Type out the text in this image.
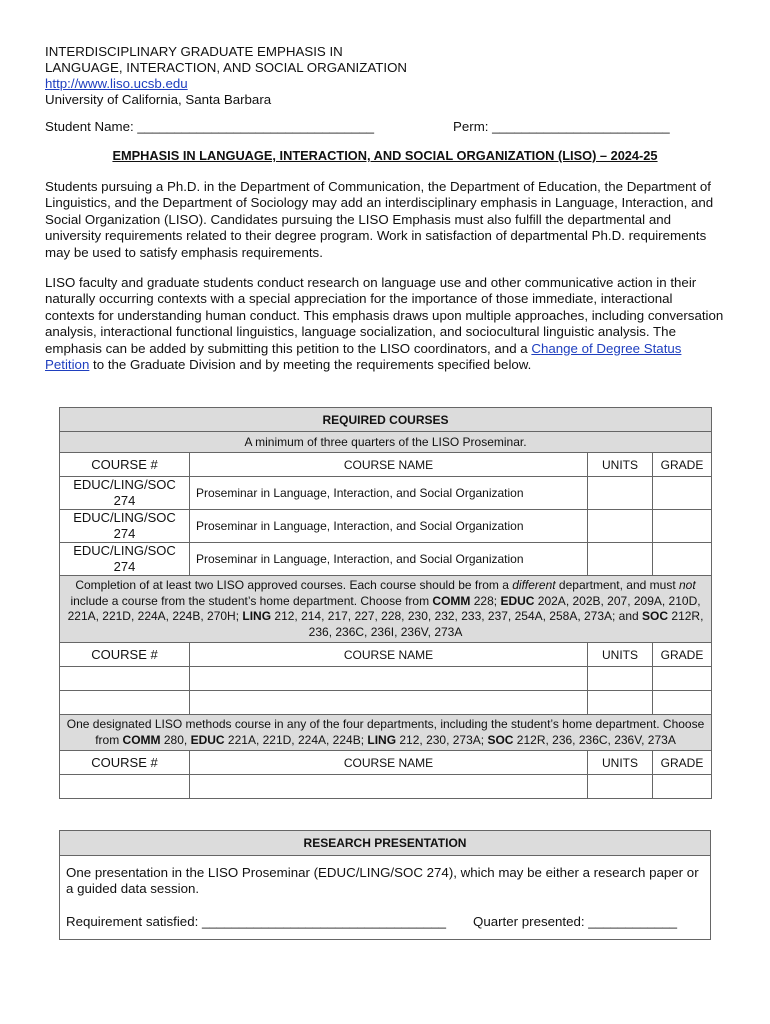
INTERDISCIPLINARY GRADUATE EMPHASIS IN

LANGUAGE, INTERACTION, AND SOCIAL ORGANIZATION

http://www.liso.ucsb.edu

University of California, Santa Barbara

Student Name: ________________________________	Perm: ________________________
EMPHASIS IN LANGUAGE, INTERACTION, AND SOCIAL ORGANIZATION (LISO) – 2024-25

Students pursuing a Ph.D. in the Department of Communication, the Department of Education, the Department of Linguistics, and the Department of Sociology may add an interdisciplinary emphasis in Language, Interaction, and Social Organization (LISO). Candidates pursuing the LISO Emphasis must also fulfill the departmental and university requirements related to their degree program. Work in satisfaction of departmental Ph.D. requirements may be used to satisfy emphasis requirements.

LISO faculty and graduate students conduct research on language use and other communicative action in their naturally occurring contexts with a special appreciation for the importance of those immediate, interactional contexts for understanding human conduct. This emphasis draws upon multiple approaches, including conversation analysis, interactional functional linguistics, language socialization, and sociocultural linguistic analysis. The emphasis can be added by submitting this petition to the LISO coordinators, and a Change of Degree Status Petition to the Graduate Division and by meeting the requirements specified below.

REQUIRED COURSES			
A minimum of three quarters of the LISO Proseminar.			
COURSE #	COURSE NAME	UNITS	GRADE
EDUC/LING/SOC 274	Proseminar in Language, Interaction, and Social Organization		
EDUC/LING/SOC 274	Proseminar in Language, Interaction, and Social Organization		
EDUC/LING/SOC 274	Proseminar in Language, Interaction, and Social Organization		
Completion of at least two LISO approved courses. Each course should be from a different department, and must not include a course from the student’s home department. Choose from COMM 228; EDUC 202A, 202B, 207, 209A, 210D, 221A, 221D, 224A, 224B, 270H; LING 212, 214, 217, 227, 228, 230, 232, 233, 237, 254A, 258A, 273A; and SOC 212R, 236, 236C, 236I, 236V, 273A			
COURSE #	COURSE NAME	UNITS	GRADE

One designated LISO methods course in any of the four departments, including the student’s home department. Choose from COMM 280, EDUC 221A, 221D, 224A, 224B; LING 212, 230, 273A; SOC 212R, 236, 236C, 236V, 273A			
COURSE #	COURSE NAME	UNITS	GRADE

RESEARCH PRESENTATION
One presentation in the LISO Proseminar (EDUC/LING/SOC 274), which may be either a research paper or a guided data session.
Requirement satisfied: _________________________________	Quarter presented: ____________
